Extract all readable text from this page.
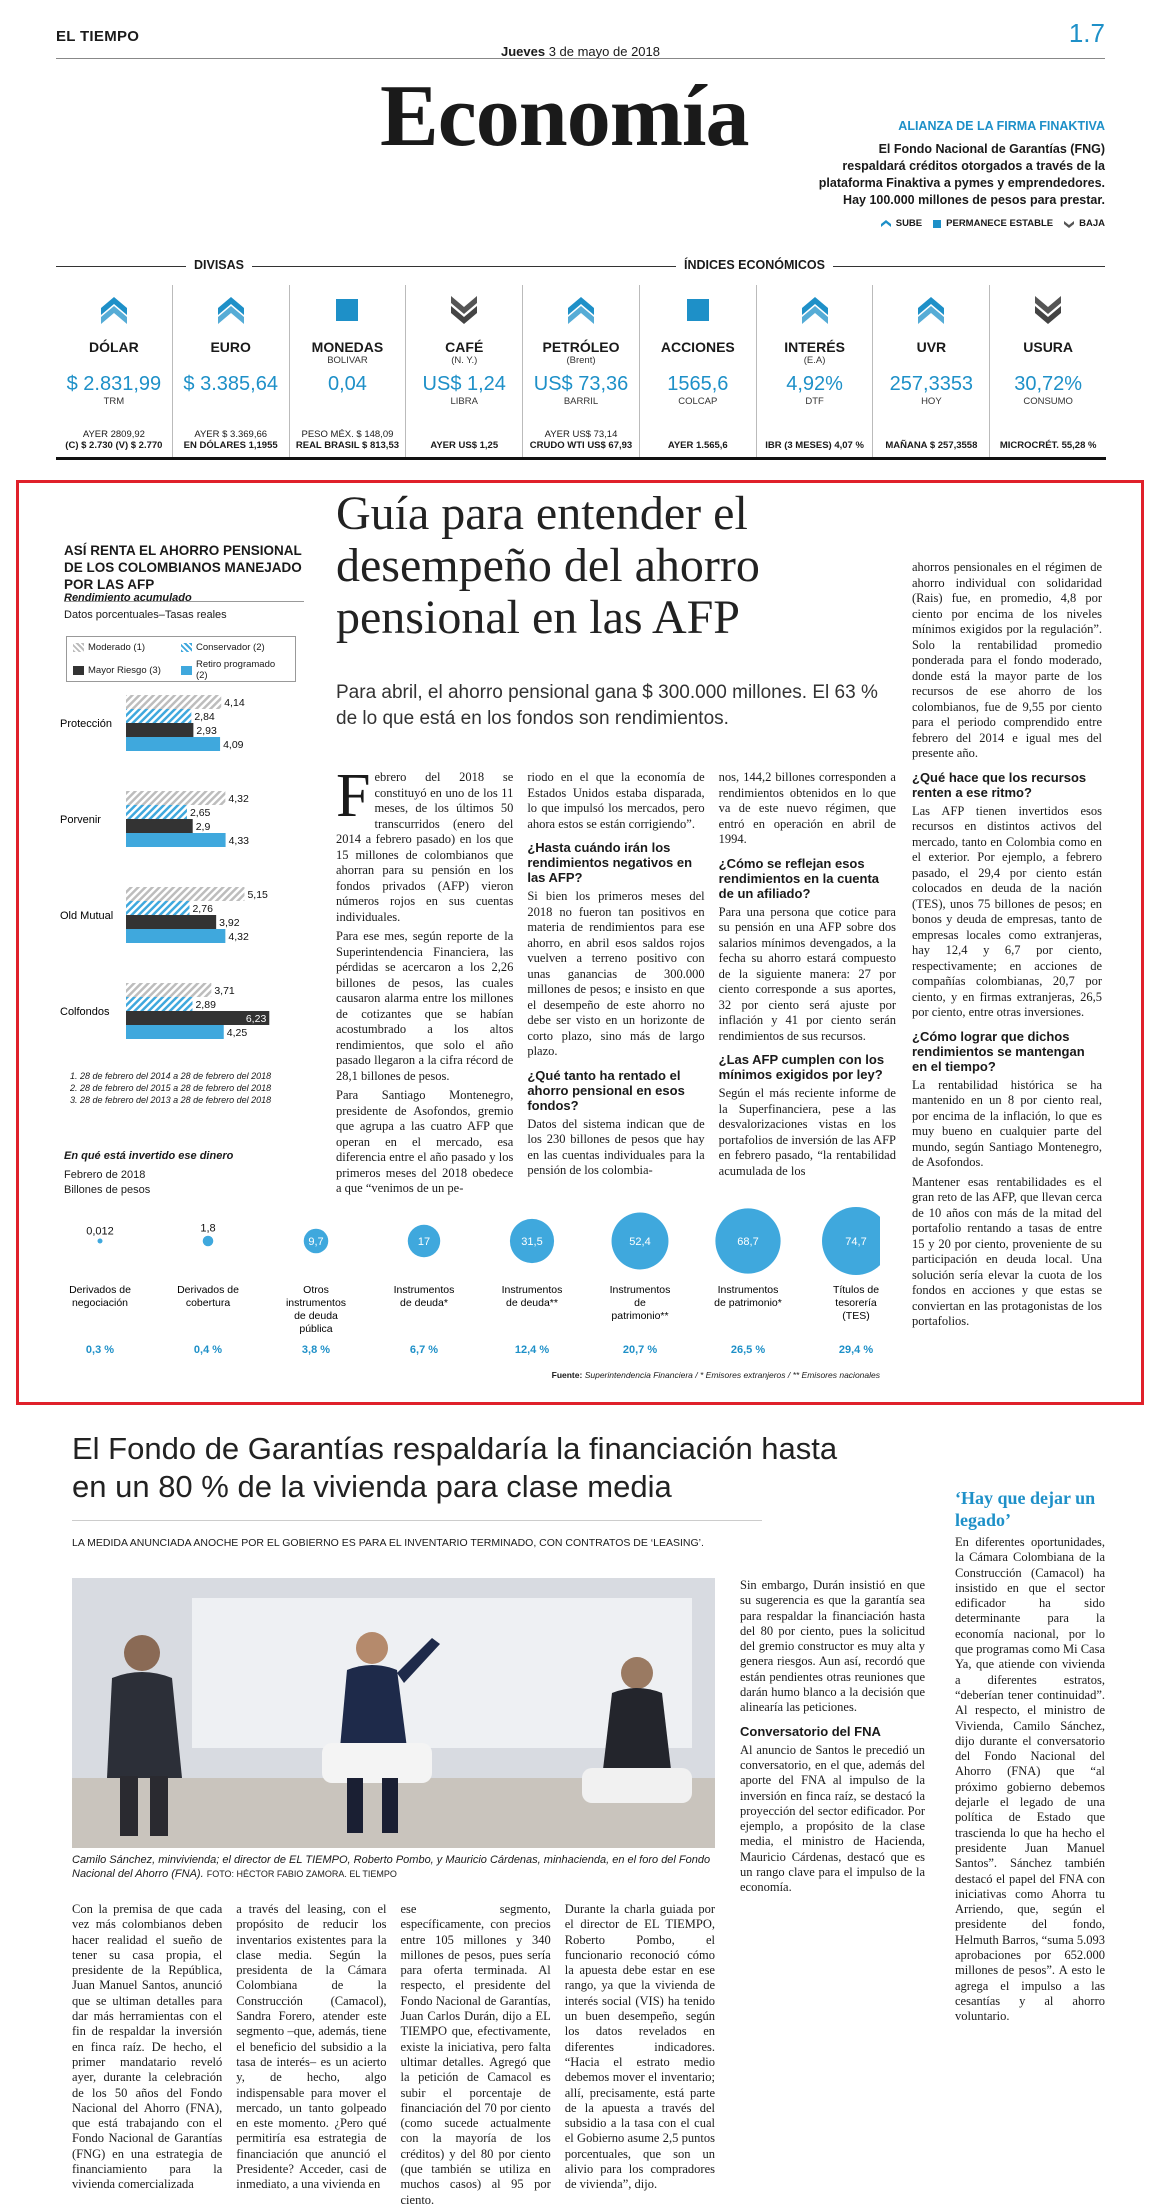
EL TIEMPO	1.7
Jueves 3 de mayo de 2018
Economía	ALIANZA DE LA FIRMA FINAKTIVA
El Fondo Nacional de Garantías (FNG) respaldará créditos otorgados a través de la plataforma Finaktiva a pymes y emprendedores. Hay 100.000 millones de pesos para prestar.
SUBE	PERMANECE ESTABLE	BAJA
DIVISAS	ÍNDICES ECONÓMICOS
DÓLAR
$ 2.831,99
TRM
AYER 2809,92
(C) $ 2.730 (V) $ 2.770
EURO
$ 3.385,64
AYER $ 3.369,66
EN DÓLARES 1,1955
MONEDAS
BOLIVAR
0,04
PESO MÉX. $ 148,09
REAL BRASIL $ 813,53
CAFÉ
(N. Y.)
US$ 1,24
LIBRA
AYER US$ 1,25
PETRÓLEO
(Brent)
US$ 73,36
BARRIL
AYER US$ 73,14
CRUDO WTI US$ 67,93
ACCIONES
1565,6
COLCAP
AYER 1.565,6
INTERÉS
(E.A)
4,92%
DTF
IBR (3 MESES) 4,07 %
UVR
257,3353
HOY
MAÑANA $ 257,3558
USURA
30,72%
CONSUMO
MICROCRÉT. 55,28 %
ASÍ RENTA EL AHORRO PENSIONAL DE LOS COLOMBIANOS MANEJADO POR LAS AFP
Rendimiento acumulado
Datos porcentuales–Tasas reales
Moderado (1)	Conservador (2)
Mayor Riesgo (3)	Retiro programado (2)
Protección
4,14
2,84
2,93
4,09
Porvenir
4,32
2,65
2,9
4,33
Old Mutual
5,15
2,76
3,92
4,32
Colfondos
3,71
2,89
6,23
4,25
1. 28 de febrero del 2014 a 28 de febrero del 2018
2. 28 de febrero del 2015 a 28 de febrero del 2018
3. 28 de febrero del 2013 a 28 de febrero del 2018
En qué está invertido ese dinero
Febrero de 2018
Billones de pesos
0,012
Derivados de
negociación
0,3 %
1,8
Derivados de
cobertura
0,4 %
9,7
Otros
instrumentos
de deuda
pública
3,8 %
17
Instrumentos
de deuda*
6,7 %
31,5
Instrumentos
de deuda**
12,4 %
52,4
Instrumentos
de
patrimonio**
20,7 %
68,7
Instrumentos
de patrimonio*
26,5 %
74,7
Títulos de
tesorería
(TES)
29,4 %
Fuente: Superintendencia Financiera / * Emisores extranjeros / ** Emisores nacionales
Guía para entender el desempeño del ahorro pensional en las AFP
Para abril, el ahorro pensional gana $ 300.000 millones. El 63 % de lo que está en los fondos son rendimientos.

Febrero del 2018 se constituyó en uno de los 11 meses, de los últimos 50 transcurridos (enero del 2014 a febrero pasado) en los que 15 millones de colombianos que ahorran para su pensión en los fondos privados (AFP) vieron números rojos en sus cuentas individuales.

Para ese mes, según reporte de la Superintendencia Financiera, las pérdidas se acercaron a los 2,26 billones de pesos, las cuales causaron alarma entre los millones de cotizantes que se habían acostumbrado a los altos rendimientos, que solo el año pasado llegaron a la cifra récord de 28,1 billones de pesos.

Para Santiago Montenegro, presidente de Asofondos, gremio que agrupa a las cuatro AFP que operan en el mercado, esa diferencia entre el año pasado y los primeros meses del 2018 obedece a que “venimos de un pe-

riodo en el que la economía de Estados Unidos estaba disparada, lo que impulsó los mercados, pero ahora estos se están corrigiendo”.

¿Hasta cuándo irán los rendimientos negativos en las AFP?

Si bien los primeros meses del 2018 no fueron tan positivos en materia de rendimientos para ese ahorro, en abril esos saldos rojos vuelven a terreno positivo con unas ganancias de 300.000 millones de pesos; e insisto en que el desempeño de este ahorro no debe ser visto en un horizonte de corto plazo, sino más de largo plazo.

¿Qué tanto ha rentado el ahorro pensional en esos fondos?

Datos del sistema indican que de los 230 billones de pesos que hay en las cuentas individuales para la pensión de los colombia-

nos, 144,2 billones corresponden a rendimientos obtenidos en lo que va de este nuevo régimen, que entró en operación en abril de 1994.

¿Cómo se reflejan esos rendimientos en la cuenta de un afiliado?

Para una persona que cotice para su pensión en una AFP sobre dos salarios mínimos devengados, a la fecha su ahorro estará compuesto de la siguiente manera: 27 por ciento corresponde a sus aportes, 32 por ciento será ajuste por inflación y 41 por ciento serán rendimientos de sus recursos.

¿Las AFP cumplen con los mínimos exigidos por ley?

Según el más reciente informe de la Superfinanciera, pese a las desvalorizaciones vistas en los portafolios de inversión de las AFP en febrero pasado, “la rentabilidad acumulada de los

ahorros pensionales en el régimen de ahorro individual con solidaridad (Rais) fue, en promedio, 4,8 por ciento por encima de los niveles mínimos exigidos por la regulación”. Solo la rentabilidad promedio ponderada para el fondo moderado, donde está la mayor parte de los recursos de ese ahorro de los colombianos, fue de 9,55 por ciento para el periodo comprendido entre febrero del 2014 e igual mes del presente año.

¿Qué hace que los recursos renten a ese ritmo?

Las AFP tienen invertidos esos recursos en distintos activos del mercado, tanto en Colombia como en el exterior. Por ejemplo, a febrero pasado, el 29,4 por ciento están colocados en deuda de la nación (TES), unos 75 billones de pesos; en bonos y deuda de empresas, tanto de empresas locales como extranjeras, hay 12,4 y 6,7 por ciento, respectivamente; en acciones de compañías colombianas, 20,7 por ciento, y en firmas extranjeras, 26,5 por ciento, entre otras inversiones.

¿Cómo lograr que dichos rendimientos se mantengan en el tiempo?

La rentabilidad histórica se ha mantenido en un 8 por ciento real, por encima de la inflación, lo que es muy bueno en cualquier parte del mundo, según Santiago Montenegro, de Asofondos.

Mantener esas rentabilidades es el gran reto de las AFP, que llevan cerca de 10 años con más de la mitad del portafolio rentando a tasas de entre 15 y 20 por ciento, proveniente de su participación en deuda local. Una solución sería elevar la cuota de los fondos en acciones y que estas se conviertan en las protagonistas de los portafolios.

El Fondo de Garantías respaldaría la financiación hasta en un 80 % de la vivienda para clase media
LA MEDIDA ANUNCIADA ANOCHE POR EL GOBIERNO ES PARA EL INVENTARIO TERMINADO, CON CONTRATOS DE ‘LEASING’.
Camilo Sánchez, minvivienda; el director de EL TIEMPO, Roberto Pombo, y Mauricio Cárdenas, minhacienda, en el foro del Fondo Nacional del Ahorro (FNA). FOTO: HÉCTOR FABIO ZAMORA. EL TIEMPO
Con la premisa de que cada vez más colombianos deben hacer realidad el sueño de tener su casa propia, el presidente de la República, Juan Manuel Santos, anunció que se ultiman detalles para dar más herramientas con el fin de respaldar la inversión en finca raíz. De hecho, el primer mandatario reveló ayer, durante la celebración de los 50 años del Fondo Nacional del Ahorro (FNA), que está trabajando con el Fondo Nacional de Garantías (FNG) en una estrategia de financiamiento para la vivienda comercializada
a través del leasing, con el propósito de reducir los inventarios existentes para la clase media. Según la presidenta de la Cámara Colombiana de la Construcción (Camacol), Sandra Forero, atender este segmento –que, además, tiene el beneficio del subsidio a la tasa de interés– es un acierto y, de hecho, algo indispensable para mover el mercado, un tanto golpeado en este momento. ¿Pero qué permitiría esa estrategia de financiación que anunció el Presidente? Acceder, casi de inmediato, a una vivienda en
ese segmento, específicamente, con precios entre 105 millones y 340 millones de pesos, pues sería para oferta terminada. Al respecto, el presidente del Fondo Nacional de Garantías, Juan Carlos Durán, dijo a EL TIEMPO que, efectivamente, existe la iniciativa, pero falta ultimar detalles. Agregó que la petición de Camacol es subir el porcentaje de financiación del 70 por ciento (como sucede actualmente con la mayoría de los créditos) y del 80 por ciento (que también se utiliza en muchos casos) al 95 por ciento.
Durante la charla guiada por el director de EL TIEMPO, Roberto Pombo, el funcionario reconoció cómo la apuesta debe estar en ese rango, ya que la vivienda de interés social (VIS) ha tenido un buen desempeño, según los datos revelados en diferentes indicadores. “Hacia el estrato medio debemos mover el inventario; allí, precisamente, está parte de la apuesta a través del subsidio a la tasa con el cual el Gobierno asume 2,5 puntos porcentuales, que son un alivio para los compradores de vivienda”, dijo.

Sin embargo, Durán insistió en que su sugerencia es que la garantía sea para respaldar la financiación hasta del 80 por ciento, pues la solicitud del gremio constructor es muy alta y genera riesgos. Aun así, recordó que están pendientes otras reuniones que darán humo blanco a la decisión que alinearía las peticiones.

Conversatorio del FNA

Al anuncio de Santos le precedió un conversatorio, en el que, además del aporte del FNA al impulso de la inversión en finca raíz, se destacó la proyección del sector edificador. Por ejemplo, a propósito de la clase media, el ministro de Hacienda, Mauricio Cárdenas, destacó que es un rango clave para el impulso de la economía.

‘Hay que dejar un legado’
En diferentes oportunidades, la Cámara Colombiana de la Construcción (Camacol) ha insistido en que el sector edificador ha sido determinante para la economía nacional, por lo que programas como Mi Casa Ya, que atiende con vivienda a diferentes estratos, “deberían tener continuidad”. Al respecto, el ministro de Vivienda, Camilo Sánchez, dijo durante el conversatorio del Fondo Nacional del Ahorro (FNA) que “al próximo gobierno debemos dejarle el legado de una política de Estado que trascienda lo que ha hecho el presidente Juan Manuel Santos”. Sánchez también destacó el papel del FNA con iniciativas como Ahorra tu Arriendo, que, según el presidente del fondo, Helmuth Barros, “suma 5.093 aprobaciones por 652.000 millones de pesos”. A esto le agrega el impulso a las cesantías y al ahorro voluntario.
